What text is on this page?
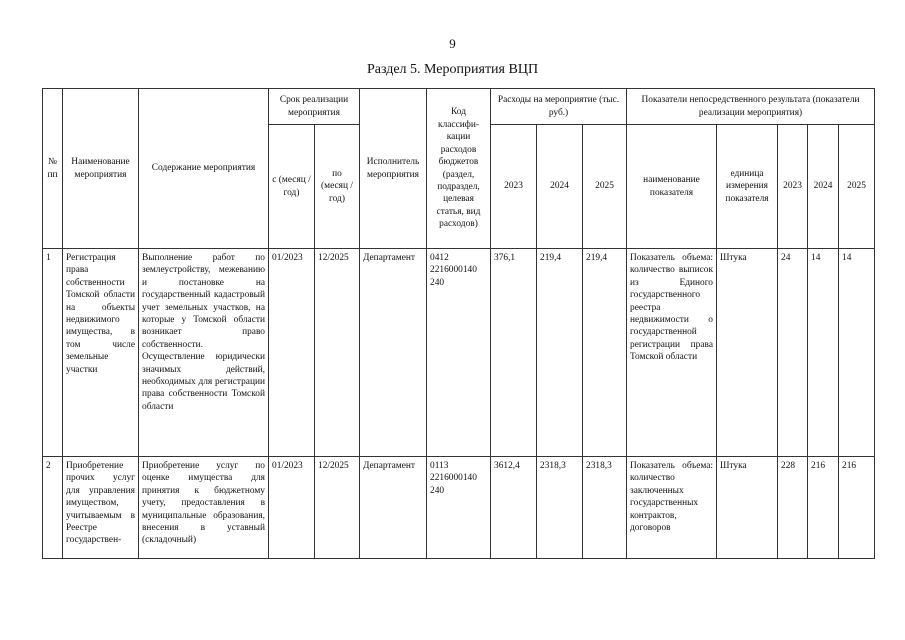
9
Раздел 5. Мероприятия ВЦП
№ пп	Наименование мероприятия	Содержание мероприятия	Срок реализации мероприятия		Исполнитель мероприятия	Код классифи-кации расходов бюджетов (раздел, подраздел, целевая статья, вид расходов)	Расходы на мероприятие (тыс. руб.)			Показатели непосредственного результата (показатели реализации мероприятия)				
			с (месяц / год)	по (месяц / год)			2023	2024	2025	наименование показателя	единица измерения показателя	2023	2024	2025
1	Регистрация права собственности Томской области на объекты недвижимого имущества, в том числе земельные участки	Выполнение работ по землеустройству, межеванию и постановке на государственный кадастровый учет земельных участков, на которые у Томской области возникает право собственности. Осуществление юридически значимых действий, необходимых для регистрации права собственности Томской области	01/2023	12/2025	Департамент	0412 2216000140 240	376,1	219,4	219,4	Показатель объема: количество выписок из Единого государственного реестра недвижимости о государственной регистрации права Томской области	Штука	24	14	14
2	Приобретение прочих услуг для управления имуществом, учитываемым в Реестре государствен-	Приобретение услуг по оценке имущества для принятия к бюджетному учету, предоставления в муниципальные образования, внесения в уставный (складочный)	01/2023	12/2025	Департамент	0113 2216000140 240	3612,4	2318,3	2318,3	Показатель объема: количество заключенных государственных контрактов, договоров	Штука	228	216	216
